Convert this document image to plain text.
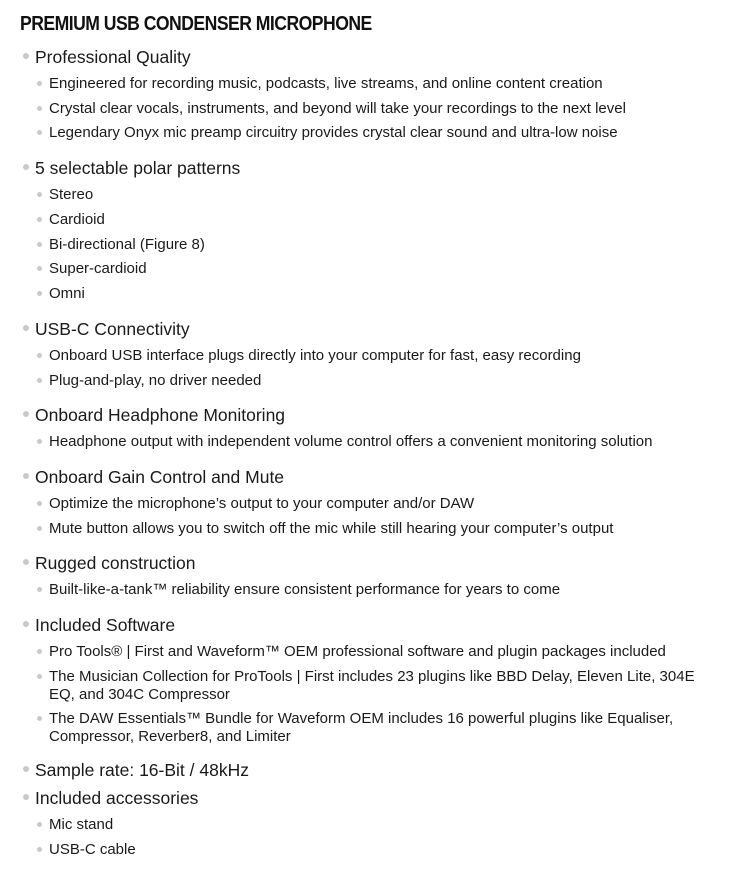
PREMIUM USB CONDENSER MICROPHONE
Professional Quality
Engineered for recording music, podcasts, live streams, and online content creation
Crystal clear vocals, instruments, and beyond will take your recordings to the next level
Legendary Onyx mic preamp circuitry provides crystal clear sound and ultra-low noise
5 selectable polar patterns
Stereo
Cardioid
Bi-directional (Figure 8)
Super-cardioid
Omni
USB-C Connectivity
Onboard USB interface plugs directly into your computer for fast, easy recording
Plug-and-play, no driver needed
Onboard Headphone Monitoring
Headphone output with independent volume control offers a convenient monitoring solution
Onboard Gain Control and Mute
Optimize the microphone’s output to your computer and/or DAW
Mute button allows you to switch off the mic while still hearing your computer’s output
Rugged construction
Built-like-a-tank™ reliability ensure consistent performance for years to come
Included Software
Pro Tools® | First and Waveform™ OEM professional software and plugin packages included
The Musician Collection for ProTools | First includes 23 plugins like BBD Delay, Eleven Lite, 304E EQ, and 304C Compressor
The DAW Essentials™ Bundle for Waveform OEM includes 16 powerful plugins like Equaliser, Compressor, Reverber8, and Limiter
Sample rate: 16-Bit / 48kHz
Included accessories
Mic stand
USB-C cable
